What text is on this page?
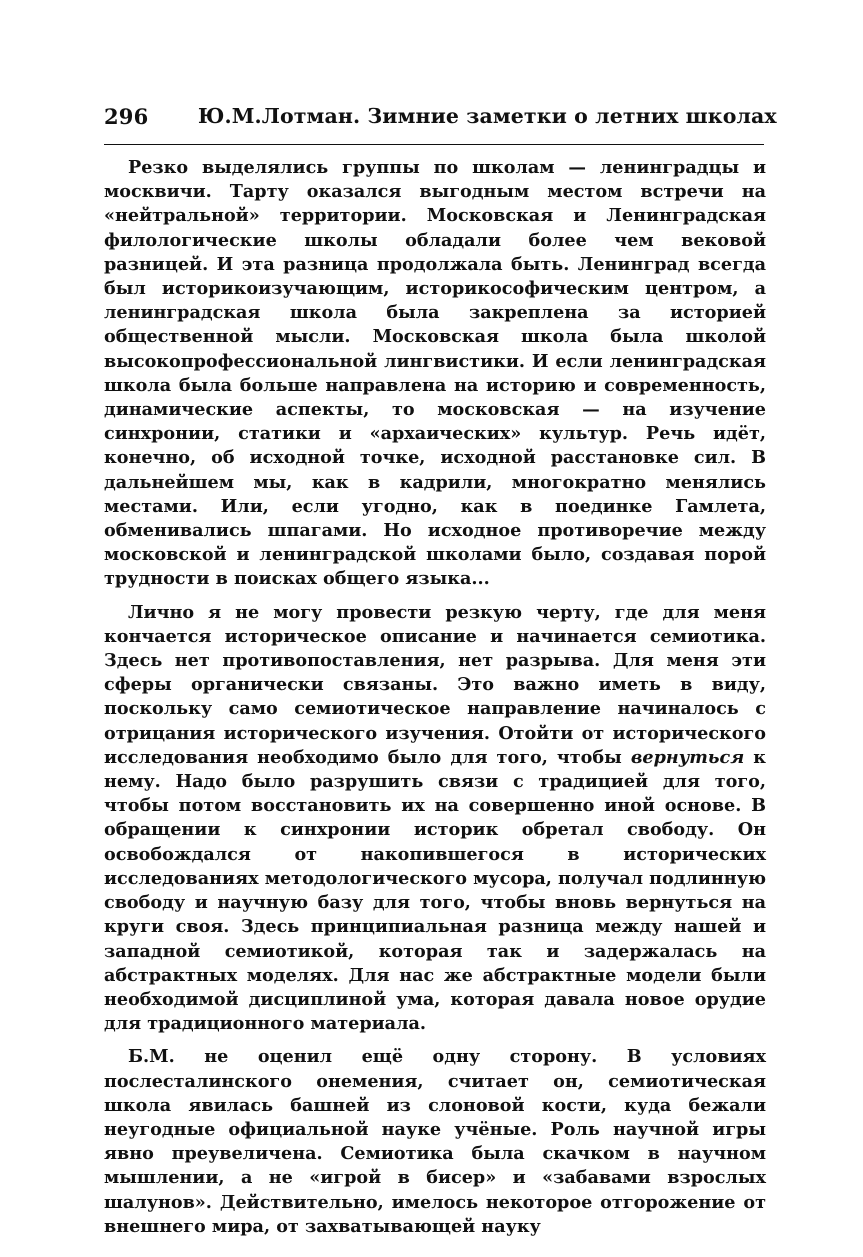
296 Ю.М.Лотман. Зимние заметки о летних школах

Резко выделялись группы по школам — ленинградцы и москвичи. Тарту оказался выгодным местом встречи на «нейтральной» территории. Московская и Ленинградская филологические школы обладали более чем вековой разницей. И эта разница продолжала быть. Ленинград всегда был историкоизучающим, историкософическим центром, а ленинградская школа была закреплена за историей общественной мысли. Московская школа была школой высокопрофессиональной лингвистики. И если ленинградская школа была больше направлена на историю и современность, динамические аспекты, то московская — на изучение синхронии, статики и «архаических» культур. Речь идёт, конечно, об исходной точке, исходной расстановке сил. В дальнейшем мы, как в кадрили, многократно менялись местами. Или, если угодно, как в поединке Гамлета, обменивались шпагами. Но исходное противоречие между московской и ленинградской школами было, создавая порой трудности в поисках общего языка...

Лично я не могу провести резкую черту, где для меня кончается историческое описание и начинается семиотика. Здесь нет противопоставления, нет разрыва. Для меня эти сферы органически связаны. Это важно иметь в виду, поскольку само семиотическое направление начиналось с отрицания исторического изучения. Отойти от исторического исследования необходимо было для того, чтобы вернуться к нему. Надо было разрушить связи с традицией для того, чтобы потом восстановить их на совершенно иной основе. В обращении к синхронии историк обретал свободу. Он освобождался от накопившегося в исторических исследованиях методологического мусора, получал подлинную свободу и научную базу для того, чтобы вновь вернуться на круги своя. Здесь принципиальная разница между нашей и западной семиотикой, которая так и задержалась на абстрактных моделях. Для нас же абстрактные модели были необходимой дисциплиной ума, которая давала новое орудие для традиционного материала.

Б.М. не оценил ещё одну сторону. В условиях послесталинского онемения, считает он, семиотическая школа явилась башней из слоновой кости, куда бежали неугодные официальной науке учёные. Роль научной игры явно преувеличена. Семиотика была скачком в научном мышлении, а не «игрой в бисер» и «забавами взрослых шалунов». Действительно, имелось некоторое отгорожение от внешнего мира, от захватывающей науку
